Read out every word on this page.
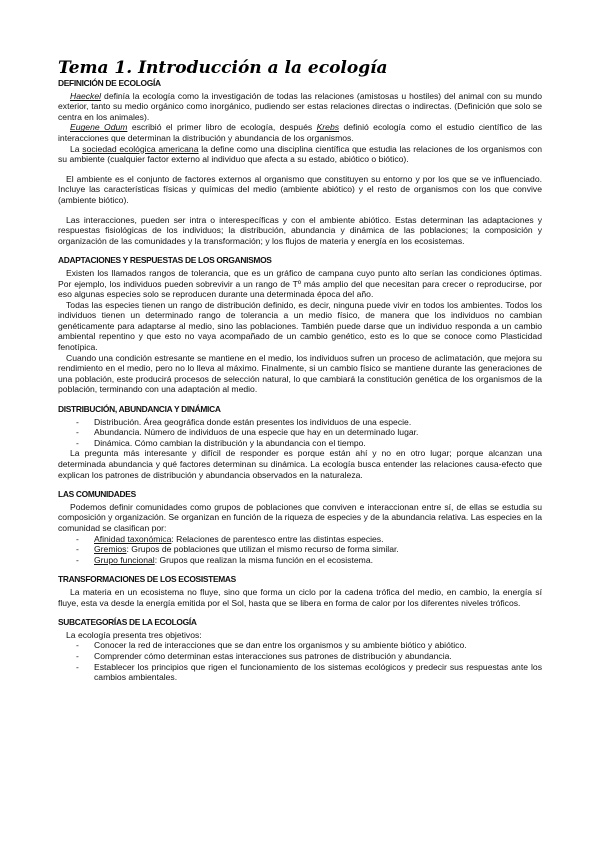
Tema 1. Introducción a la ecología
DEFINICIÓN DE ECOLOGÍA

Haeckel definía la ecología como la investigación de todas las relaciones (amistosas u hostiles) del animal con su mundo exterior, tanto su medio orgánico como inorgánico, pudiendo ser estas relaciones directas o indirectas. (Definición que solo se centra en los animales).

Eugene Odum escribió el primer libro de ecología, después Krebs definió ecología como el estudio científico de las interacciones que determinan la distribución y abundancia de los organismos.

La sociedad ecológica americana la define como una disciplina científica que estudia las relaciones de los organismos con su ambiente (cualquier factor externo al individuo que afecta a su estado, abiótico o biótico).

El ambiente es el conjunto de factores externos al organismo que constituyen su entorno y por los que se ve influenciado. Incluye las características físicas y químicas del medio (ambiente abiótico) y el resto de organismos con los que convive (ambiente biótico).

Las interacciones, pueden ser intra o interespecíficas y con el ambiente abiótico. Estas determinan las adaptaciones y respuestas fisiológicas de los individuos; la distribución, abundancia y dinámica de las poblaciones; la composición y organización de las comunidades y la transformación; y los flujos de materia y energía en los ecosistemas.

ADAPTACIONES Y RESPUESTAS DE LOS ORGANISMOS

Existen los llamados rangos de tolerancia, que es un gráfico de campana cuyo punto alto serían las condiciones óptimas. Por ejemplo, los individuos pueden sobrevivir a un rango de Tº más amplio del que necesitan para crecer o reproducirse, por eso algunas especies solo se reproducen durante una determinada época del año.

Todas las especies tienen un rango de distribución definido, es decir, ninguna puede vivir en todos los ambientes. Todos los individuos tienen un determinado rango de tolerancia a un medio físico, de manera que los individuos no cambian genéticamente para adaptarse al medio, sino las poblaciones. También puede darse que un individuo responda a un cambio ambiental repentino y que esto no vaya acompañado de un cambio genético, esto es lo que se conoce como Plasticidad fenotípica.

Cuando una condición estresante se mantiene en el medio, los individuos sufren un proceso de aclimatación, que mejora su rendimiento en el medio, pero no lo lleva al máximo. Finalmente, si un cambio físico se mantiene durante las generaciones de una población, este producirá procesos de selección natural, lo que cambiará la constitución genética de los organismos de la población, terminando con una adaptación al medio.

DISTRIBUCIÓN, ABUNDANCIA Y DINÁMICA
- Distribución. Área geográfica donde están presentes los individuos de una especie.
- Abundancia. Número de individuos de una especie que hay en un determinado lugar.
- Dinámica. Cómo cambian la distribución y la abundancia con el tiempo.

La pregunta más interesante y difícil de responder es porque están ahí y no en otro lugar; porque alcanzan una determinada abundancia y qué factores determinan su dinámica. La ecología busca entender las relaciones causa-efecto que explican los patrones de distribución y abundancia observados en la naturaleza.

LAS COMUNIDADES

Podemos definir comunidades como grupos de poblaciones que conviven e interaccionan entre sí, de ellas se estudia su composición y organización. Se organizan en función de la riqueza de especies y de la abundancia relativa. Las especies en la comunidad se clasifican por:

- Afinidad taxonómica: Relaciones de parentesco entre las distintas especies.
- Gremios: Grupos de poblaciones que utilizan el mismo recurso de forma similar.
- Grupo funcional: Grupos que realizan la misma función en el ecosistema.
TRANSFORMACIONES DE LOS ECOSISTEMAS

La materia en un ecosistema no fluye, sino que forma un ciclo por la cadena trófica del medio, en cambio, la energía sí fluye, esta va desde la energía emitida por el Sol, hasta que se libera en forma de calor por los diferentes niveles tróficos.

SUBCATEGORÍAS DE LA ECOLOGÍA

La ecología presenta tres objetivos:

- Conocer la red de interacciones que se dan entre los organismos y su ambiente biótico y abiótico.
- Comprender cómo determinan estas interacciones sus patrones de distribución y abundancia.
- Establecer los principios que rigen el funcionamiento de los sistemas ecológicos y predecir sus respuestas ante los cambios ambientales.
